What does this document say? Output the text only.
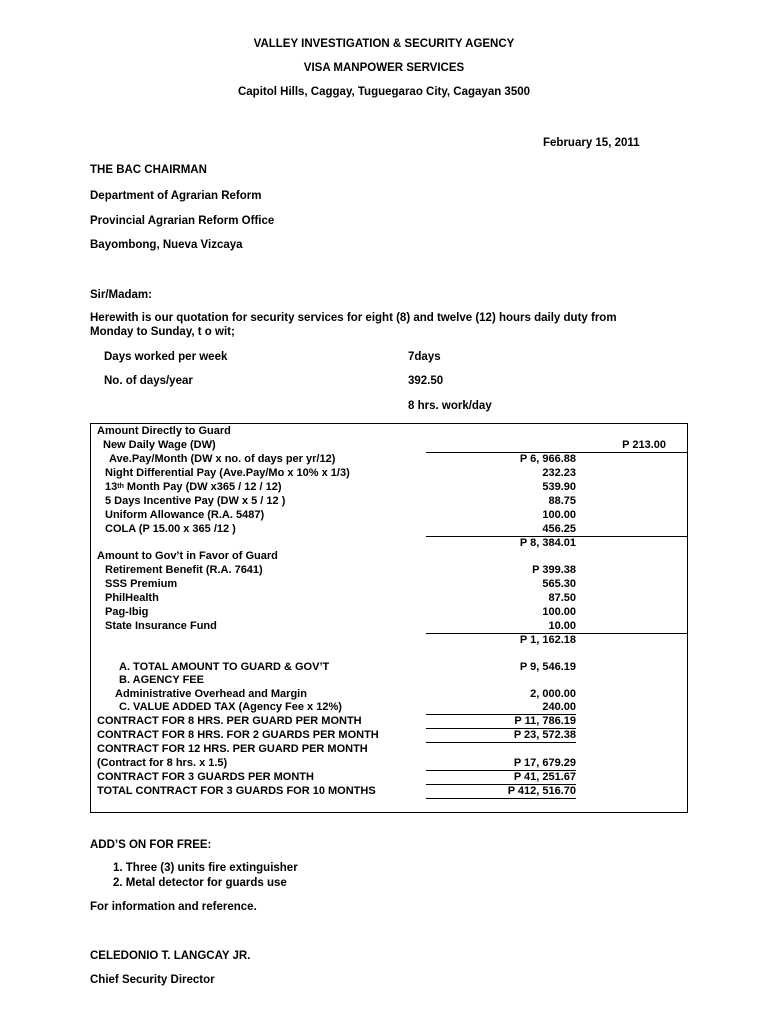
VALLEY INVESTIGATION & SECURITY AGENCY
VISA MANPOWER SERVICES
Capitol Hills, Caggay, Tuguegarao City, Cagayan 3500
February 15, 2011
THE BAC CHAIRMAN
Department of Agrarian Reform
Provincial Agrarian Reform Office
Bayombong, Nueva Vizcaya
Sir/Madam:
Herewith is our quotation for security services for eight (8) and twelve (12) hours daily duty from
Monday to Sunday, t o wit;
Days worked per week	7days
No. of days/year	392.50
8 hrs. work/day
Amount Directly to Guard
New Daily Wage (DW)	P 213.00
Ave.Pay/Month (DW x no. of days per yr/12)	P 6, 966.88
Night Differential Pay (Ave.Pay/Mo x 10% x 1/3)	232.23
13th Month Pay (DW x365 / 12 / 12)	539.90
5 Days Incentive Pay (DW x 5 / 12 )	88.75
Uniform Allowance (R.A. 5487)	100.00
COLA (P 15.00 x 365 /12 )	456.25
P 8, 384.01
Amount to Gov’t in Favor of Guard
Retirement Benefit (R.A. 7641)	P 399.38
SSS Premium	565.30
PhilHealth	87.50
Pag-Ibig	100.00
State Insurance Fund	10.00
P 1, 162.18
A. TOTAL AMOUNT TO GUARD & GOV’T	P 9, 546.19
B. AGENCY FEE
Administrative Overhead and Margin	2, 000.00
C. VALUE ADDED TAX (Agency Fee x 12%)	240.00
CONTRACT FOR 8 HRS. PER GUARD PER MONTH	P 11, 786.19
CONTRACT FOR 8 HRS. FOR 2 GUARDS PER MONTH	P 23, 572.38
CONTRACT FOR 12 HRS. PER GUARD PER MONTH
(Contract for 8 hrs. x 1.5)	P 17, 679.29
CONTRACT FOR 3 GUARDS PER MONTH	P 41, 251.67
TOTAL CONTRACT FOR 3 GUARDS FOR 10 MONTHS	P 412, 516.70
ADD’S ON FOR FREE:
1. Three (3) units fire extinguisher
2. Metal detector for guards use
For information and reference.
CELEDONIO T. LANGCAY JR.
Chief Security Director
